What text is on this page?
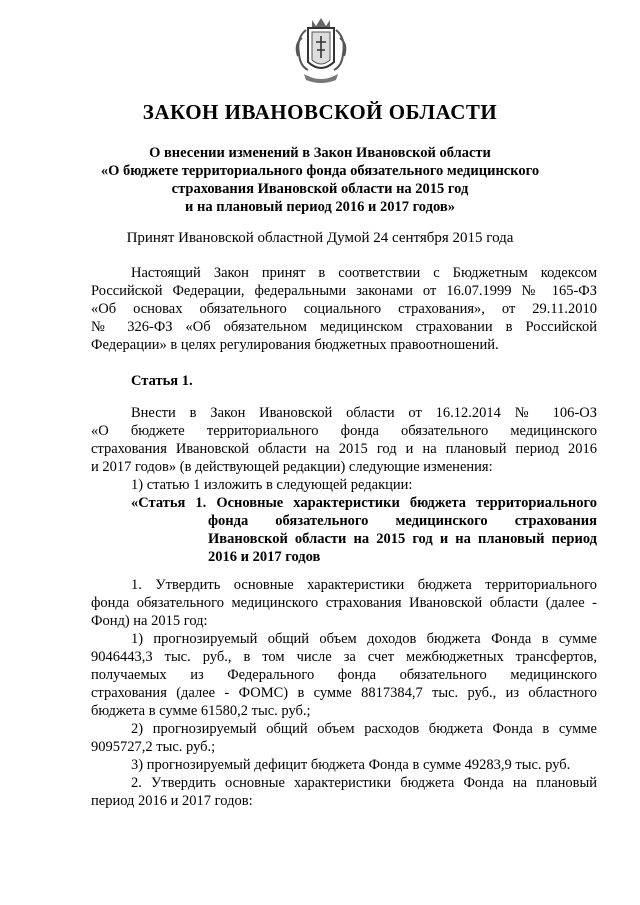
ЗАКОН ИВАНОВСКОЙ ОБЛАСТИ
О внесении изменений в Закон Ивановской области
«О бюджете территориального фонда обязательного медицинского
страхования Ивановской области на 2015 год
и на плановый период 2016 и 2017 годов»
Принят Ивановской областной Думой 24 сентября 2015 года
Настоящий Закон принят в соответствии с Бюджетным кодексом
Российской Федерации, федеральными законами от 16.07.1999 № 165-ФЗ
«Об основах обязательного социального страхования», от 29.11.2010
№ 326-ФЗ «Об обязательном медицинском страховании в Российской
Федерации» в целях регулирования бюджетных правоотношений.
Статья 1.
Внести в Закон Ивановской области от 16.12.2014 № 106-ОЗ
«О бюджете территориального фонда обязательного медицинского
страхования Ивановской области на 2015 год и на плановый период 2016
и 2017 годов» (в действующей редакции) следующие изменения:
1) статью 1 изложить в следующей редакции:
«Статья 1. Основные характеристики бюджета территориального
фонда обязательного медицинского страхования
Ивановской области на 2015 год и на плановый период
2016 и 2017 годов
1. Утвердить основные характеристики бюджета территориального
фонда обязательного медицинского страхования Ивановской области (далее -
Фонд) на 2015 год:
1) прогнозируемый общий объем доходов бюджета Фонда в сумме
9046443,3 тыс. руб., в том числе за счет межбюджетных трансфертов,
получаемых из Федерального фонда обязательного медицинского
страхования (далее - ФОМС) в сумме 8817384,7 тыс. руб., из областного
бюджета в сумме 61580,2 тыс. руб.;
2) прогнозируемый общий объем расходов бюджета Фонда в сумме
9095727,2 тыс. руб.;
3) прогнозируемый дефицит бюджета Фонда в сумме 49283,9 тыс. руб.
2. Утвердить основные характеристики бюджета Фонда на плановый
период 2016 и 2017 годов:
